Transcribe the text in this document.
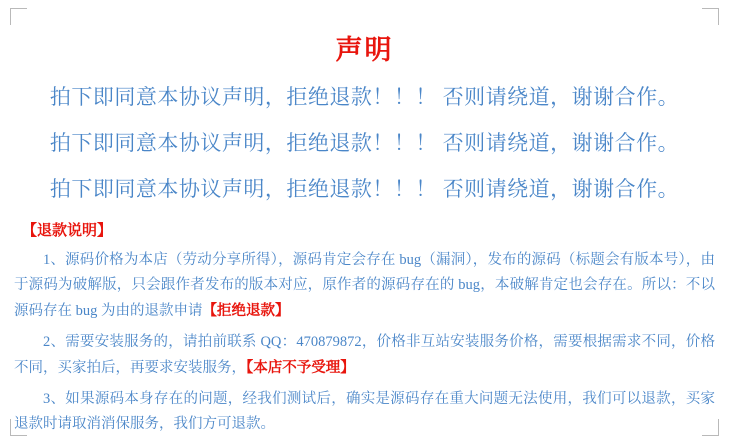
声明
拍下即同意本协议声明，拒绝退款！！！ 否则请绕道，谢谢合作。
拍下即同意本协议声明，拒绝退款！！！ 否则请绕道，谢谢合作。
拍下即同意本协议声明，拒绝退款！！！ 否则请绕道，谢谢合作。
【退款说明】

1、源码价格为本店（劳动分享所得），源码肯定会存在 bug（漏洞），发布的源码（标题会有版本号），由于源码为破解版，只会跟作者发布的版本对应，原作者的源码存在的 bug，本破解肯定也会存在。所以：不以源码存在 bug 为由的退款申请【拒绝退款】

2、需要安装服务的，请拍前联系 QQ：470879872，价格非互站安装服务价格，需要根据需求不同，价格不同，买家拍后，再要求安装服务，【本店不予受理】

3、如果源码本身存在的问题，经我们测试后，确实是源码存在重大问题无法使用，我们可以退款，买家退款时请取消消保服务，我们方可退款。
